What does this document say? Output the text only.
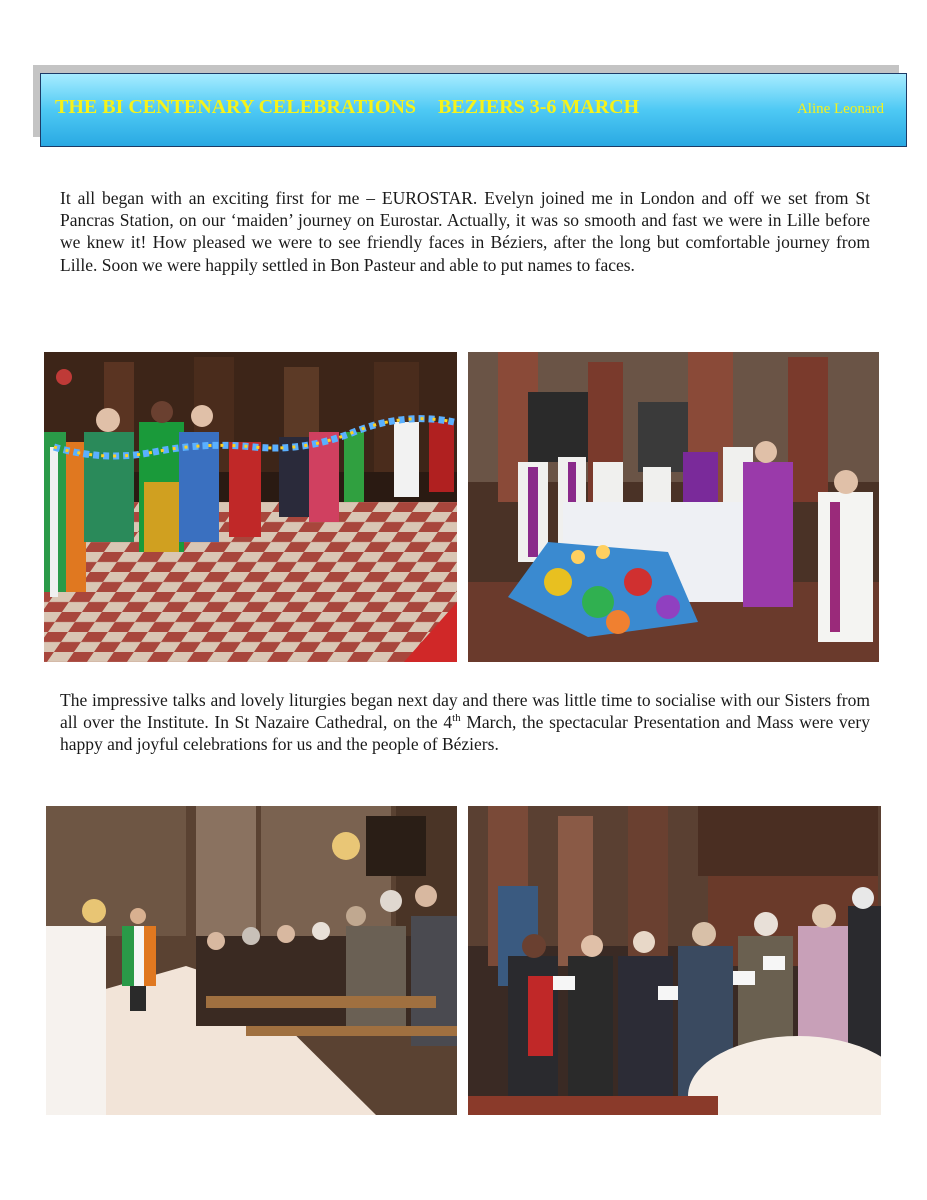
THE BI CENTENARY CELEBRATIONS BEZIERS 3-6 MARCH	Aline Leonard

It all began with an exciting first for me – EUROSTAR. Evelyn joined me in London and off we set from St Pancras Station, on our ‘maiden’ journey on Eurostar. Actually, it was so smooth and fast we were in Lille before we knew it! How pleased we were to see friendly faces in Béziers, after the long but comfortable journey from Lille. Soon we were happily settled in Bon Pasteur and able to put names to faces.

The impressive talks and lovely liturgies began next day and there was little time to socialise with our Sisters from all over the Institute. In St Nazaire Cathedral, on the 4th March, the spectacular Presentation and Mass were very happy and joyful celebrations for us and the people of Béziers.
